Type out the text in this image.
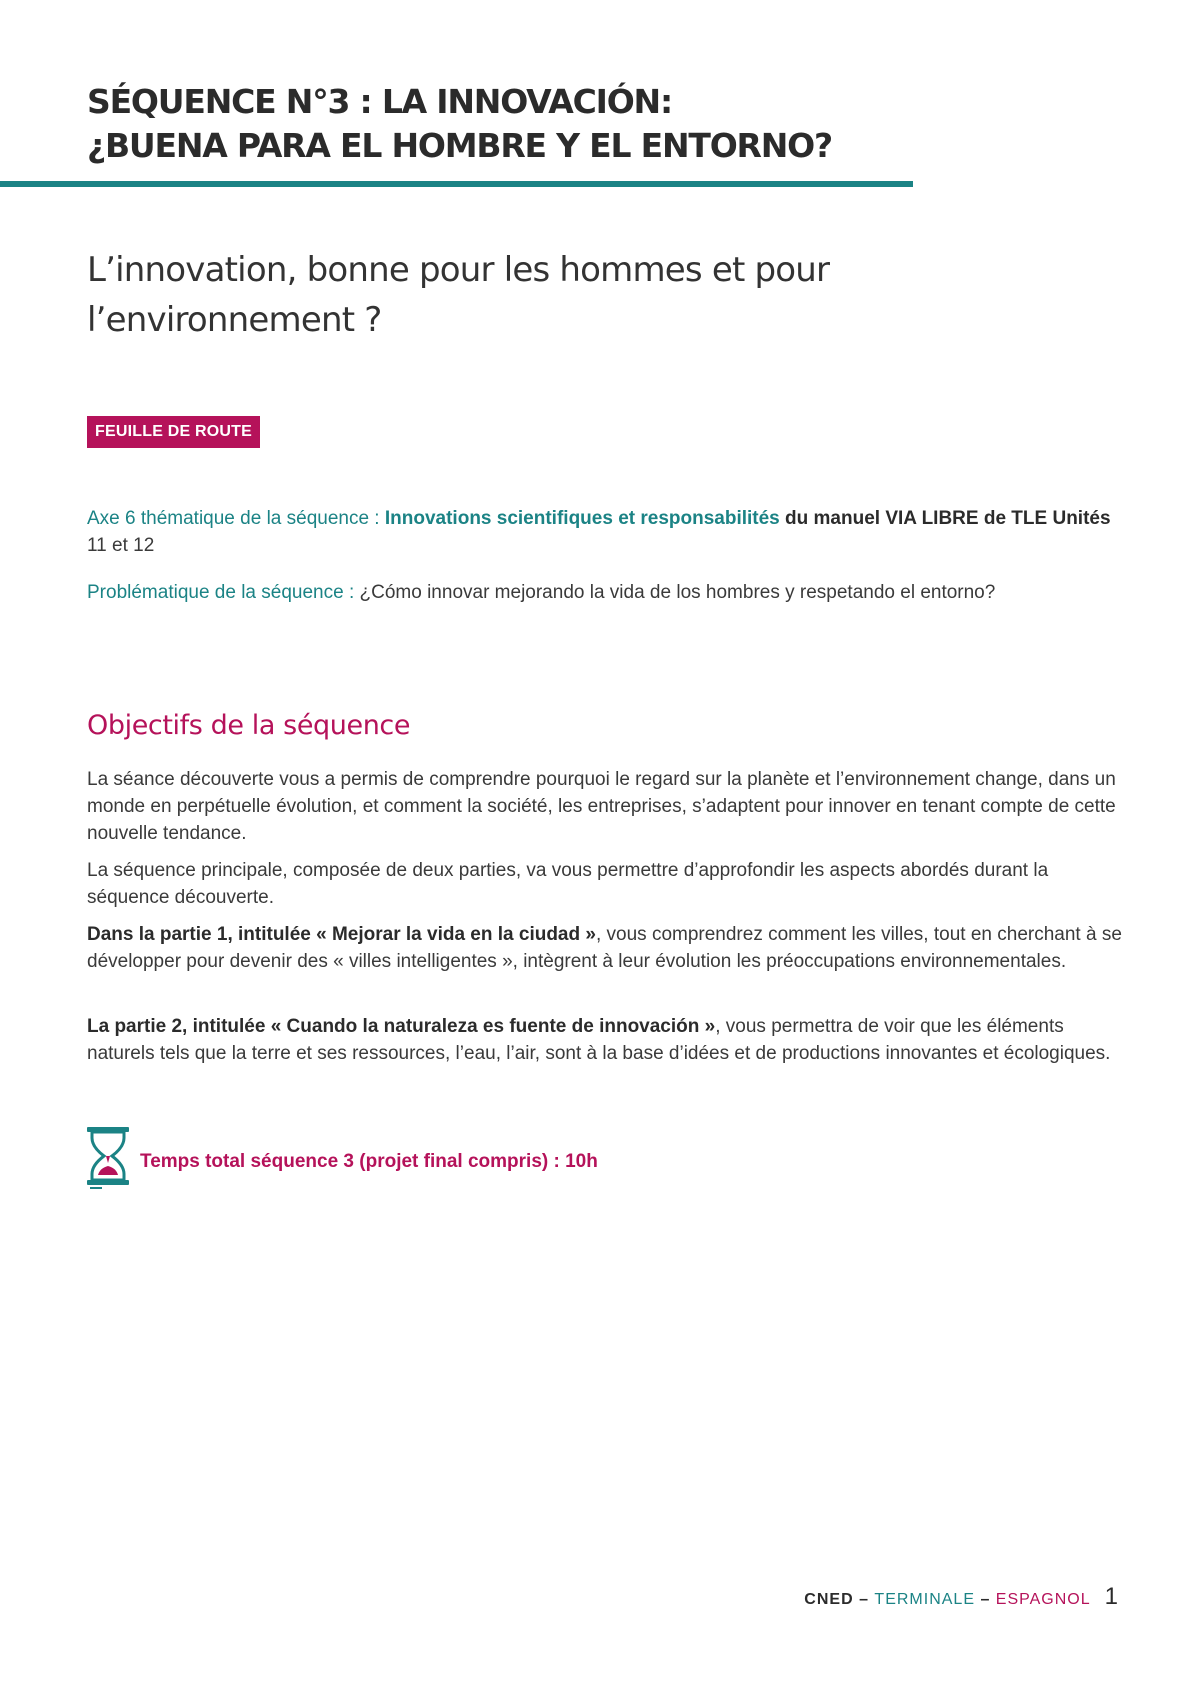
SÉQUENCE N°3 : LA INNOVACIÓN:
¿BUENA PARA EL HOMBRE Y EL ENTORNO?
L’innovation, bonne pour les hommes et pour l’environnement ?
FEUILLE DE ROUTE
Axe 6 thématique de la séquence : Innovations scientifiques et responsabilités du manuel VIA LIBRE de TLE Unités 11 et 12
Problématique de la séquence : ¿Cómo innovar mejorando la vida de los hombres y respetando el entorno?
Objectifs de la séquence
La séance découverte vous a permis de comprendre pourquoi le regard sur la planète et l’environnement change, dans un monde en perpétuelle évolution, et comment la société, les entreprises, s’adaptent pour innover en tenant compte de cette nouvelle tendance.
La séquence principale, composée de deux parties, va vous permettre d’approfondir les aspects abordés durant la séquence découverte.
Dans la partie 1, intitulée « Mejorar la vida en la ciudad », vous comprendrez comment les villes, tout en cherchant à se développer pour devenir des « villes intelligentes », intègrent à leur évolution les préoccupations environnementales.
La partie 2, intitulée « Cuando la naturaleza es fuente de innovación », vous permettra de voir que les éléments naturels tels que la terre et ses ressources, l’eau, l’air, sont à la base d’idées et de productions innovantes et écologiques.
Temps total séquence 3 (projet final compris) : 10h
CNED – TERMINALE – ESPAGNOL 1
